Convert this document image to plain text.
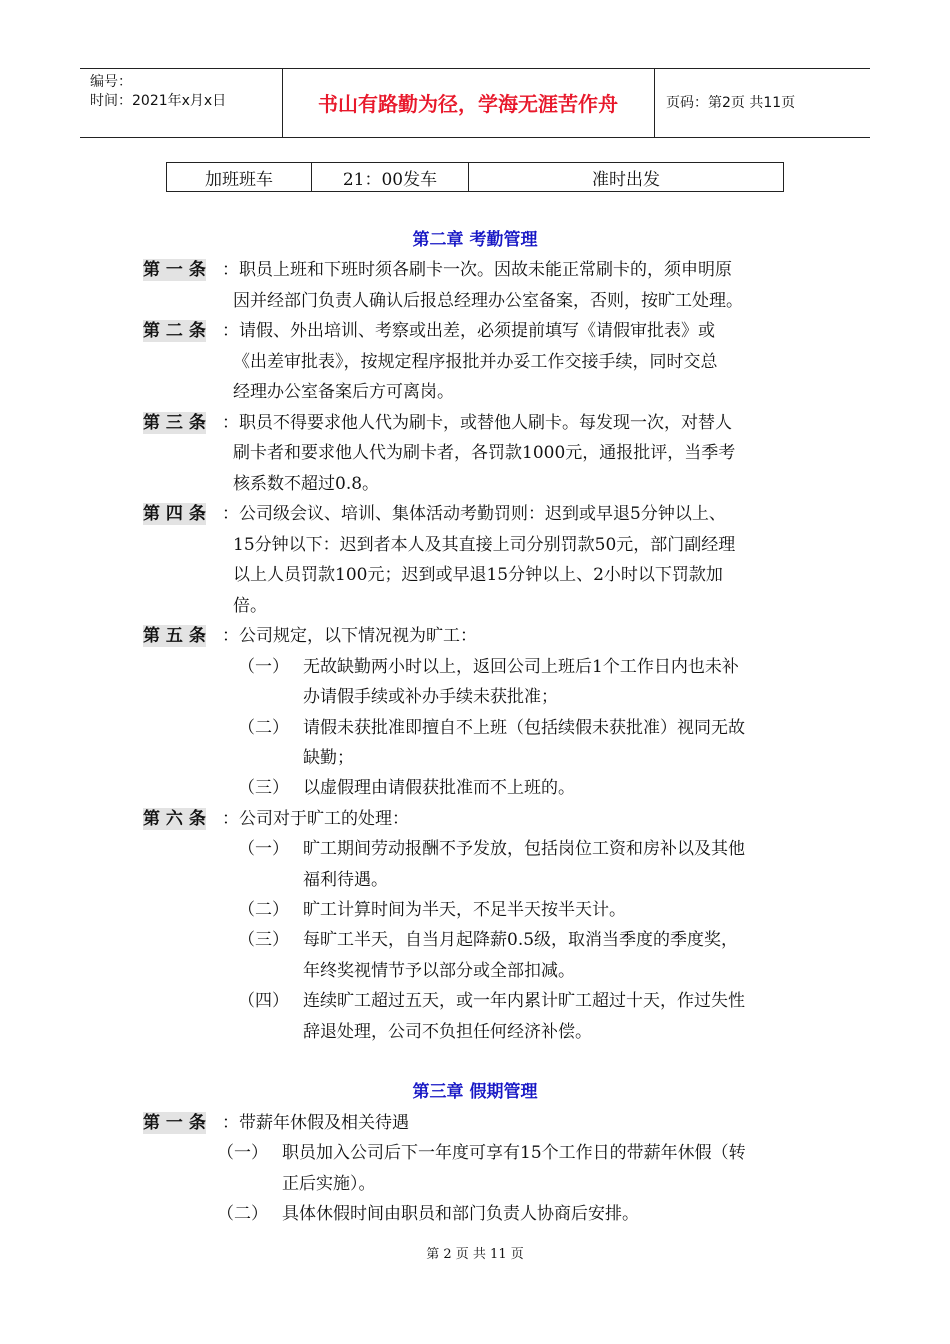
编号：
时间：2021年x月x日	书山有路勤为径，学海无涯苦作舟	页码：第2页 共11页
加班班车	21：00发车	准时出发
第二章 考勤管理
第 一 条 ：职员上班和下班时须各刷卡一次。因故未能正常刷卡的，须申明原
因并经部门负责人确认后报总经理办公室备案，否则，按旷工处理。
第 二 条 ：请假、外出培训、考察或出差，必须提前填写《请假审批表》或
《出差审批表》，按规定程序报批并办妥工作交接手续，同时交总
经理办公室备案后方可离岗。
第 三 条 ：职员不得要求他人代为刷卡，或替他人刷卡。每发现一次，对替人
刷卡者和要求他人代为刷卡者，各罚款1000元，通报批评，当季考
核系数不超过0.8。
第 四 条 ：公司级会议、培训、集体活动考勤罚则：迟到或早退5分钟以上、
15分钟以下：迟到者本人及其直接上司分别罚款50元，部门副经理
以上人员罚款100元；迟到或早退15分钟以上、2小时以下罚款加
倍。
第 五 条 ：公司规定，以下情况视为旷工：
（一） 无故缺勤两小时以上，返回公司上班后1个工作日内也未补
办请假手续或补办手续未获批准；
（二） 请假未获批准即擅自不上班（包括续假未获批准）视同无故
缺勤；
（三） 以虚假理由请假获批准而不上班的。
第 六 条 ：公司对于旷工的处理：
（一） 旷工期间劳动报酬不予发放，包括岗位工资和房补以及其他
福利待遇。
（二） 旷工计算时间为半天，不足半天按半天计。
（三） 每旷工半天，自当月起降薪0.5级，取消当季度的季度奖，
年终奖视情节予以部分或全部扣减。
（四） 连续旷工超过五天，或一年内累计旷工超过十天，作过失性
辞退处理，公司不负担任何经济补偿。
第三章 假期管理
第 一 条 ：带薪年休假及相关待遇
（一） 职员加入公司后下一年度可享有15个工作日的带薪年休假（转
正后实施）。
（二） 具体休假时间由职员和部门负责人协商后安排。
第 2 页 共 11 页
